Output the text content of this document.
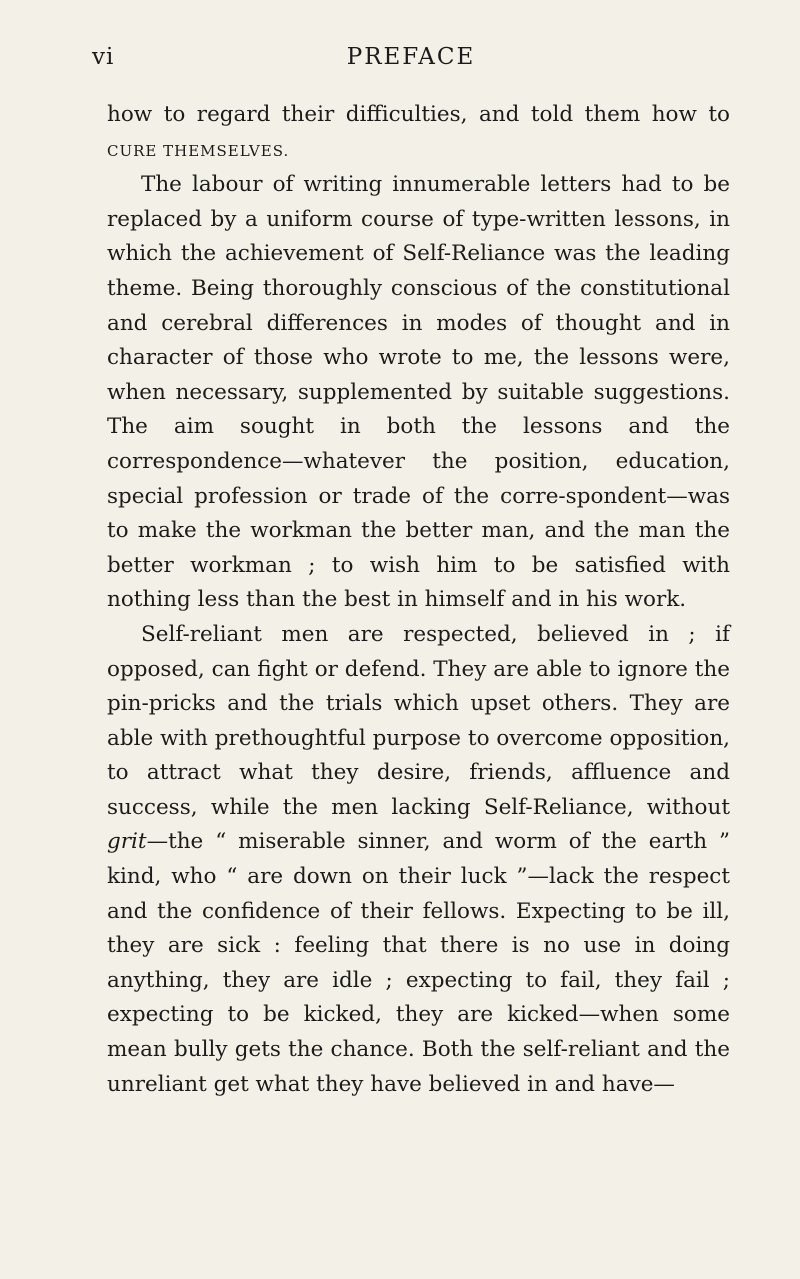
vi	PREFACE

how to regard their difficulties, and told them how to CURE THEMSELVES.

The labour of writing innumerable letters had to be replaced by a uniform course of type-written lessons, in which the achievement of Self-Reliance was the leading theme. Being thoroughly conscious of the constitutional and cerebral differences in modes of thought and in character of those who wrote to me, the lessons were, when necessary, supplemented by suitable suggestions. The aim sought in both the lessons and the correspondence—whatever the position, education, special profession or trade of the corre-spondent—was to make the workman the better man, and the man the better workman ; to wish him to be satisfied with nothing less than the best in himself and in his work.

Self-reliant men are respected, believed in ; if opposed, can fight or defend. They are able to ignore the pin-pricks and the trials which upset others. They are able with prethoughtful purpose to overcome opposition, to attract what they desire, friends, affluence and success, while the men lacking Self-Reliance, without grit—the “ miserable sinner, and worm of the earth ” kind, who “ are down on their luck ”—lack the respect and the confidence of their fellows. Expecting to be ill, they are sick : feeling that there is no use in doing anything, they are idle ; expecting to fail, they fail ; expecting to be kicked, they are kicked—when some mean bully gets the chance. Both the self-reliant and the unreliant get what they have believed in and have—
